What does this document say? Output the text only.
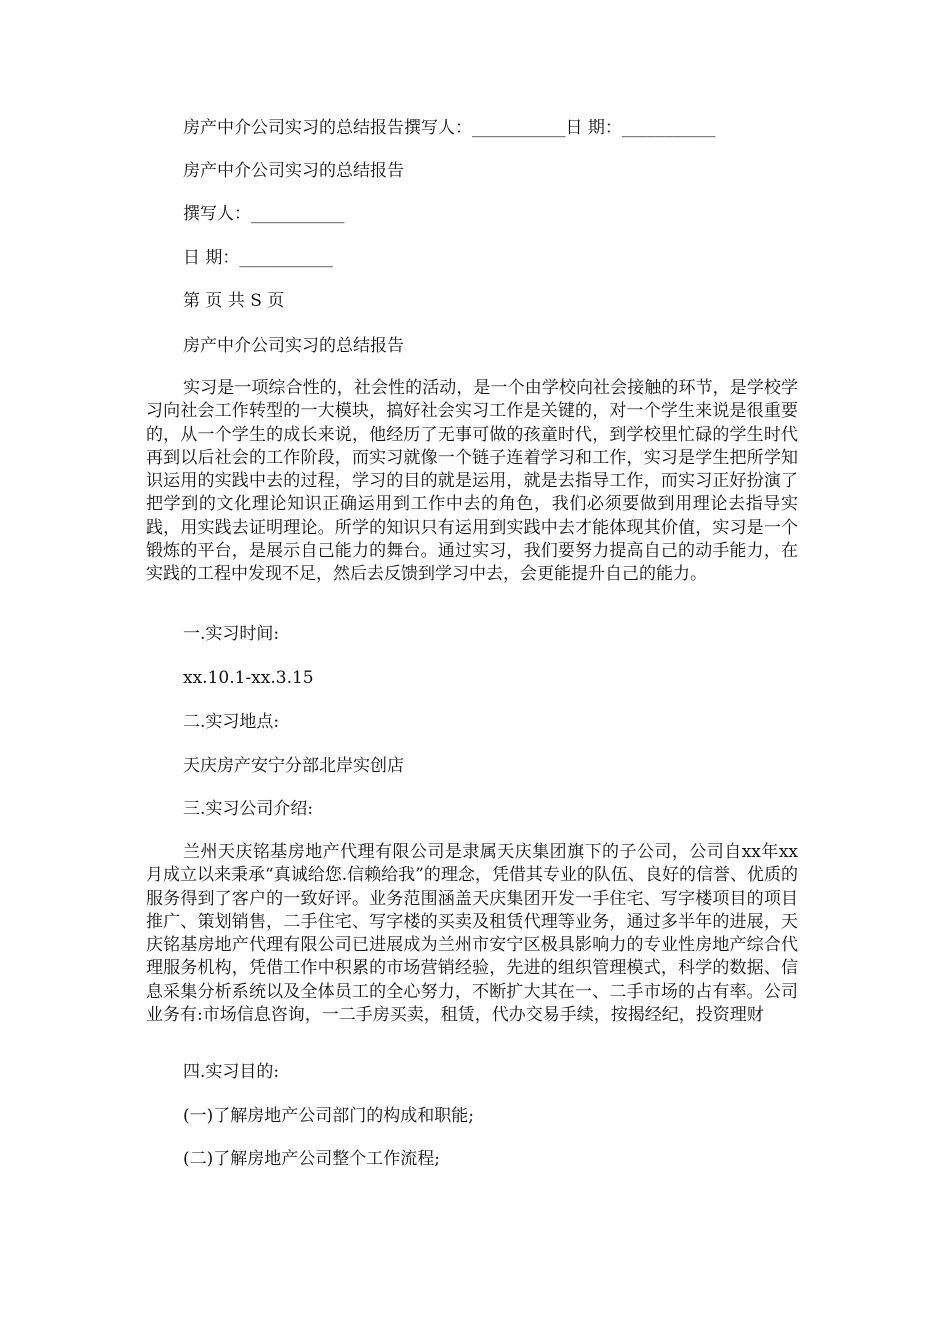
房产中介公司实习的总结报告撰写人：___________日 期：___________
房产中介公司实习的总结报告
撰写人：___________
日 期：___________
第 页 共 S 页
房产中介公司实习的总结报告
实习是一项综合性的，社会性的活动，是一个由学校向社会接触的环节，是学校学习向社会工作转型的一大模块，搞好社会实习工作是关键的，对一个学生来说是很重要的，从一个学生的成长来说，他经历了无事可做的孩童时代，到学校里忙碌的学生时代再到以后社会的工作阶段，而实习就像一个链子连着学习和工作，实习是学生把所学知识运用的实践中去的过程，学习的目的就是运用，就是去指导工作，而实习正好扮演了把学到的文化理论知识正确运用到工作中去的角色，我们必须要做到用理论去指导实践，用实践去证明理论。所学的知识只有运用到实践中去才能体现其价值，实习是一个锻炼的平台，是展示自己能力的舞台。通过实习，我们要努力提高自己的动手能力，在实践的工程中发现不足，然后去反馈到学习中去，会更能提升自己的能力。
一.实习时间:
xx.10.1-xx.3.15
二.实习地点:
天庆房产安宁分部北岸实创店
三.实习公司介绍:
兰州天庆铭基房地产代理有限公司是隶属天庆集团旗下的子公司，公司自xx年xx月成立以来秉承“真诚给您.信赖给我”的理念，凭借其专业的队伍、良好的信誉、优质的服务得到了客户的一致好评。业务范围涵盖天庆集团开发一手住宅、写字楼项目的项目推广、策划销售，二手住宅、写字楼的买卖及租赁代理等业务，通过多半年的进展，天庆铭基房地产代理有限公司已进展成为兰州市安宁区极具影响力的专业性房地产综合代理服务机构，凭借工作中积累的市场营销经验，先进的组织管理模式，科学的数据、信息采集分析系统以及全体员工的全心努力，不断扩大其在一、二手市场的占有率。公司业务有:市场信息咨询，一二手房买卖，租赁，代办交易手续，按揭经纪，投资理财
四.实习目的:
(一)了解房地产公司部门的构成和职能;
(二)了解房地产公司整个工作流程;
